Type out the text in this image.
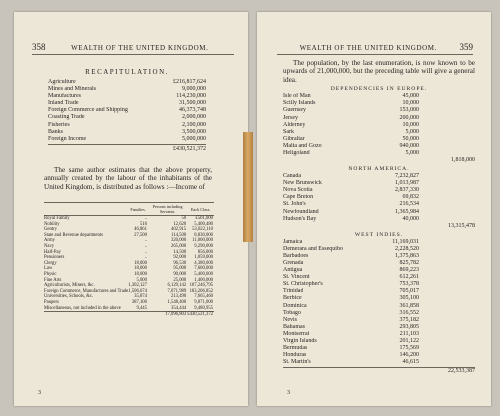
358	WEALTH OF THE UNITED KINGDOM.
RECAPITULATION.
Agriculture	£216,817,624
Mines and Minerals	9,000,000
Manufactures	114,230,000
Inland Trade	31,500,000
Foreign Commerce and Shipping	46,373,748
Coasting Trade	2,000,000
Fisheries	2,100,000
Banks	3,500,000
Foreign Income	5,000,000
£430,521,372
The same author estimates that the above property, annually created by the labour of the inhabitants of the United Kingdom, is distributed as follows :—Income of
	Families.	Persons including Servants.	Each Class.
Royal Family	..	50	£501,000
Nobility	516	12,620	5,400,480
Gentry	46,861	402,915	53,022,110
State and Revenue departments	27,500	114,500	8,830,000
Army	..	320,000	11,000,000
Navy	..	265,000	9,290,000
Half-Pay	..	14,500	856,000
Pensioners	..	92,000	1,059,000
Clergy	18,000	96,530	4,380,000
Law	18,000	95,000	7,600,000
Physic	18,000	90,000	5,400,000
Fine Arts	5,000	25,000	1,400,000
Agriculturists, Miners, &c.	1,302,127	6,129,142	107,246,795
Foreign Commerce, Manufactures and Trade	1,506,674	7,071,989	183,206,852
Universities, Schools, &c.	35,874	213,490	7,665,460
Paupers	387,100	1,548,400	9,871,000
Miscellaneous, not included in the above	9,445	354,444	9,480,955
		17,096,803	£430,521,372
3
WEALTH OF THE UNITED KINGDOM.	359
The population, by the last enumeration, is now known to be upwards of 21,000,000, but the preceding table will give a general idea.
DEPENDENCIES IN EUROPE.
Isle of Man	45,000
Scilly Islands	10,000
Guernsey	153,000
Jersey	200,000
Alderney	10,000
Sark	5,000
Gibraltar	50,000
Malta and Gozo	940,000
Heligoland	5,000
1,818,000
NORTH AMERICA.
Canada	7,232,827
New Brunswick	1,013,987
Nova Scotia	2,837,330
Cape Breton	69,832
St. John's	216,534
Newfoundland	1,365,984
Hudson's Bay	40,000
13,315,478
WEST INDIES.
Jamaica	11,169,031
Demerara and Essequibo	2,228,520
Barbadoes	1,375,863
Grenada	825,782
Antigua	869,223
St. Vincent	612,261
St. Christopher's	753,378
Trinidad	705,017
Berbice	305,100
Dominica	361,858
Tobago	316,552
Nevis	375,182
Bahamas	293,805
Montserrat	211,103
Virgin Islands	201,122
Bermudas	175,569
Honduras	146,200
St. Martin's	46,615
22,533,387
3
